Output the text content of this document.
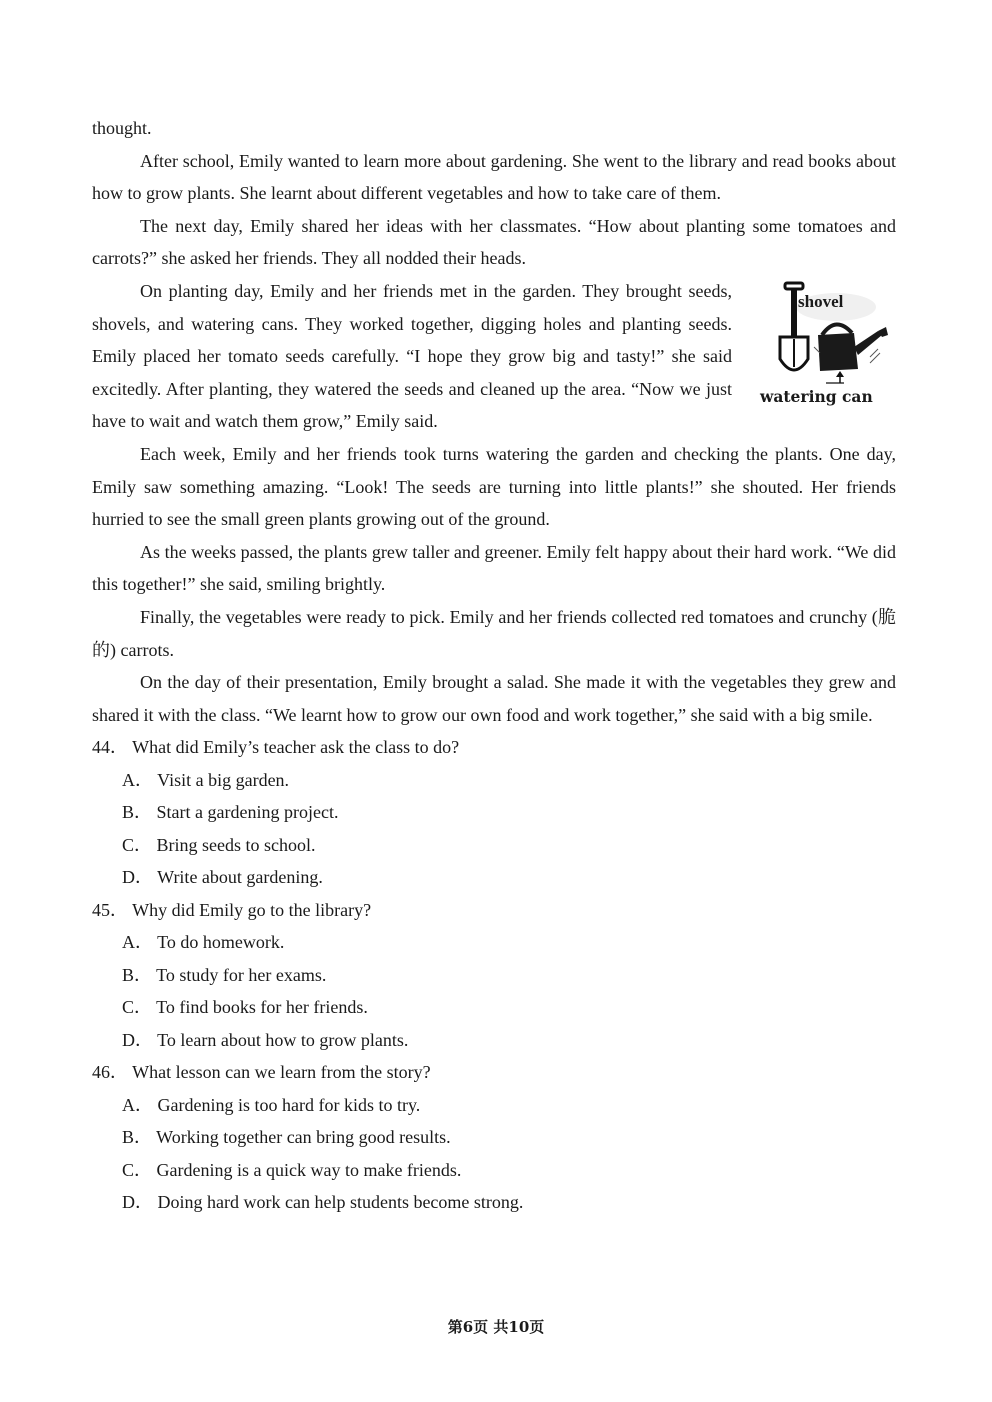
thought.

After school, Emily wanted to learn more about gardening. She went to the library and read books about how to grow plants. She learnt about different vegetables and how to take care of them.

The next day, Emily shared her ideas with her classmates. “How about planting some tomatoes and carrots?” she asked her friends. They all nodded their heads.

shovel
watering can

On planting day, Emily and her friends met in the garden. They brought seeds, shovels, and watering cans. They worked together, digging holes and planting seeds. Emily placed her tomato seeds carefully. “I hope they grow big and tasty!” she said excitedly. After planting, they watered the seeds and cleaned up the area. “Now we just have to wait and watch them grow,” Emily said.

Each week, Emily and her friends took turns watering the garden and checking the plants. One day, Emily saw something amazing. “Look! The seeds are turning into little plants!” she shouted. Her friends hurried to see the small green plants growing out of the ground.

As the weeks passed, the plants grew taller and greener. Emily felt happy about their hard work. “We did this together!” she said, smiling brightly.

Finally, the vegetables were ready to pick. Emily and her friends collected red tomatoes and crunchy (脆的) carrots.

On the day of their presentation, Emily brought a salad. She made it with the vegetables they grew and shared it with the class. “We learnt how to grow our own food and work together,” she said with a big smile.

44． What did Emily’s teacher ask the class to do?
A． Visit a big garden.
B． Start a gardening project.
C． Bring seeds to school.
D． Write about gardening.
45． Why did Emily go to the library?
A． To do homework.
B． To study for her exams.
C． To find books for her friends.
D． To learn about how to grow plants.
46． What lesson can we learn from the story?
A． Gardening is too hard for kids to try.
B． Working together can bring good results.
C． Gardening is a quick way to make friends.
D． Doing hard work can help students become strong.
第6页 共10页
